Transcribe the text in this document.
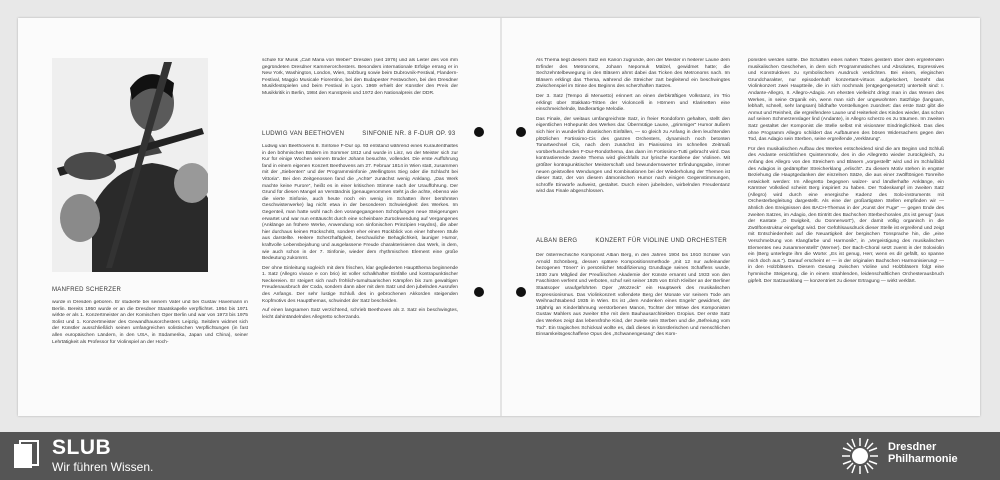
MANFRED SCHERZER

wurde in Dresden geboren. Er studierte bei seinem Vater und bei Gustav Havemann in Berlin. Bereits 1950 wurde er an die Dresdner Staatskapelle verpflichtet. 1954 bis 1971 wirkte er als 1. Konzertmeister an der Komischen Oper Berlin und war von 1973 bis 1975 Solist und 1. Konzertmeister des Gewandhausorchesters Leipzig. Seitdem widmet sich der Künstler ausschließlich seinen umfangreichen solistischen Verpflichtungen (in fast allen europäischen Ländern, in den USA, in Südamerika, Japan und China), seiner Lehrtätigkeit als Professor für Violinspiel an der Hoch-

schule für Musik „Carl Maria von Weber“ Dresden (seit 1976) und als Leiter des von ihm gegründeten Dresdner Kammerorchesters. Besonders internationale Erfolge errang er in New York, Washington, London, Wien, Salzburg sowie beim Dubrovnik-Festival, Flandern-Festival, Maggio Musicale Fiorentino, bei den Budapester Festwochen, bei den Dresdner Musikfestspielen und beim Festival in Lyon. 1969 erhielt der Künstler den Preis der Musikkritik in Berlin, 1984 den Kunstpreis und 1972 den Nationalpreis der DDR.

LUDWIG VAN BEETHOVEN	SINFONIE NR. 8 F-DUR OP. 93

Ludwig van Beethovens 8. Sinfonie F-Dur op. 93 entstand während eines Kuraufenthaltes in den böhmischen Bädern im Sommer 1812 und wurde in Linz, wo der Meister sich zur Kur für einige Wochen seinem Bruder Johann besuchte, vollendet. Die erste Aufführung fand in einem eigenen Konzert Beethovens am 27. Februar 1814 in Wien statt, zusammen mit der „Siebenten“ und der Programmsinfonie „Wellingtons Sieg oder die Schlacht bei Vittoria“. Bei den Zeitgenossen fand die „Achte“ zunächst wenig Anklang. „Das Werk machte keine Furore“, heißt es in einer kritischen Stimme nach der Uraufführung. Der Grund für diesen Mangel an Verständnis (genaugenommen steht ja die achte, ebenso wie die vierte Sinfonie, auch heute noch ein wenig im Schatten ihrer berühmten Geschwisterwerke) lag nicht etwa in der besonderen Schwierigkeit des Werkes. Im Gegenteil, man hatte wohl nach den vorangegangenen Schöpfungen neue Steigerungen erwartet und war nun enttäuscht durch eine scheinbare Zurückwendung auf Vergangenes (Anklänge an frühere Werke, Anwendung von sinfonischen Prinzipien Haydns), die aber hier durchaus keinen Rückschritt, sondern eher einen Rückblick von einer höheren Stufe aus darstellte. Heitere Scherzhaftigkeit, beschauliche Behaglichkeit, launiger Humor, kraftvolle Lebensbejahung und ausgelassene Freude charakterisieren das Werk, in dem, wie auch schon in der 7. Sinfonie, wieder dem rhythmischen Element eine große Bedeutung zukommt.

Der ohne Einleitung sogleich mit dem frischen, klar gegliederten Hauptthema beginnende 1. Satz (Allegro vivace e con brio) ist voller schalkhafter Einfälle und kontrapunktischer Neckereien. Er steigert sich nach fröhlich-tumultuarischen Kämpfen bis zum gewaltigen Freudenausbruch der Coda, sondern dann aber mit dem Satz und den jubelnden Ausrufen des Anfangs. Der sehr lustige Schluß des in gebrochenen Akkorden steigenden Kopfmotivs des Hauptthemas, schwindet der Satz bescheiden.

Auf einen langsamen Satz verzichtend, schrieb Beethoven als 2. Satz ein beschwingtes, leicht dahintändelndes Allegretto scherzando.

Als Thema liegt diesem Satz ein Kanon zugrunde, den der Meister in heiterer Laune dem Erfinder des Metronoms, Johann Nepomuk Mälzel, gewidmet hatte; die Sechzehntelbewegung in den Bläsern ahmt dabei das Ticken des Metronoms nach. Im Bläsern erklingt das Thema, während die Streicher zart begleitend ein beschwingtes Zwischenspiel im Sinne des Beginns des scherzhaften Satzes.

Der 3. Satz (Tempo di Menuetto) erinnert an einen derbkräftigen Volkstanz, im Trio erklingt über Stakkato-Tritten der Violoncelli in Hörnern und Klarinetten eine einschmeichelnde, ländlerartige Melodie.

Das Finale, der weitaus umfangreichste Satz, in freier Rondoform gehalten, stellt den eigentlichen Höhepunkt des Werkes dar. Übermütige Laune, „grimmiger“ Humor äußern sich hier in wunderlich drastischen Einfällen, — so gleich zu Anfang in dem leuchtenden plötzlichen Fortissimo-Cis des ganzen Orchesters, dynamisch noch betonten Tonartwechsel Cis, nach dem zunächst im Pianissimo im schnellen Zeitmaß vorüberhuschenden F-Dur-Rondothema, das dann im Fortissimo-Tutti gebracht wird. Das kontrastierende zweite Thema wird gleichfalls zur lyrische Kantilene der Violinen. Mit größter kontrapunktischer Meisterschaft und bewundernswerter Erfindungsgabe, immer neuen geistvollen Wendungen und Kombinationen bei der Wiederholung der Themen ist dieser Satz, der von diesem dämonischen Humor nach einigen Gegenstimmungen, schroffe Einwürfe aufweist, gestaltet. Durch einen jubelnden, wirbelnden Freudentanz wird das Finale abgeschlossen.

ALBAN BERG	KONZERT FÜR VIOLINE UND ORCHESTER

Der österreichische Komponist Alban Berg, in den Jahren 1904 bis 1910 Schüler von Arnold Schönberg, dessen spätere Kompositionsmethode „mit 12 nur aufeinander bezogenen Tönen“ in persönlicher Modifizierung Grundlage seines Schaffens wurde, 1930 zum Mitglied der Preußischen Akademie der Künste ernannt und 1933 von den Faschisten verfemt und verboten, schuf seit seiner 1925 von Erich Kleiber an der Berliner Staatsoper uraufgeführten Oper „Wozzeck“ ein Hauptwerk des musikalischen Expressionismus. Das Violinkonzert vollendete Berg der Monate vor seinem Tode am Weihnachtsabend 1935 in Wien. Es ist „dem Andenken eines Engels“ gewidmet, der 18jährig an Kinderlähmung verstorbenen Manon, Tochter der Witwe des Komponisten Gustav Mahlers aus zweiter Ehe mit dem Bauhausarchitekten Gropius. Der erste Satz des Werkes zeigt das lebensfrohe Kind, der zweite sein Sterben und die „Befreiung vom Tod“. Ein tragisches Schicksal wollte es, daß dieses in künstlerischen und menschlichen Einsamkeitsgeschaffene Opus des „Schwanengesang“ des Kom-

ponisten werden sollte. Die Schatten eines nahen Todes geistern über dem ergreifenden musikalischen Geschehen, in dem sich Programmatisches und Absolutes, Expressives und Konstruktives zu symbolischem Ausdruck verdichten. Bei einem, elegischen Grundcharakter, nur episodenhaft konzertant-virtuos aufgelockert, besteht das Violinkonzert zwei Hauptteile, die in sich nochmals (entgegengesetzt) unterteilt sind: I. Andante-Allegro, II. Allegro-Adagio. Am ehesten vielleicht dringt man in das Wesen des Werkes, in seine Organik ein, wenn man sich der ungewohnten Satzfolge (langsam, lebhaft, schnell, sehr langsam) bildhafte Vorstellungen zuordnet: das erste Satz gibt die Anmut und Reinheit, die ergreifendere Laune und Heiterkeit des Kindes wieder, das schon auf seinen Schmerzenslager lind (Andante), in Allegro scherzo es zu träumen. Im zweiten Satz gestaltet der Komponist die Stelle selbst mit visionärer Eindringlichkeit. Das dies ohne Programm Allegro schildert das Aufbäumen des bösen Widersachers gegen den Tod, das Adagio sein Sterben, seine ergreifende „Verklärung“.

Für den musikalischen Aufbau des Werkes entscheidend sind die am Beginn und Schluß des Andante ersichtlichen Quintenmotiv, des in die Allegretto wieder zurückgleich, zu Anfang des Allegro von den Streichern und Bläsern „vorgestellt“ wird und im Schlußbild des Adagios in gedämpfter Streicherklang „erlischt“. Zu diesem Motiv stehen in engster Beziehung die Hauptgedanken der einzelnen Sätze, die aus einer zwölftönigen Tonreihe entwickelt werden: Im Allegretto begegnen walzer- und ländlerhafte Anklänge, ein Kärntner Volkslied scheint Berg inspiriert zu haben. Der Todeskampf im zweiten Satz (Allegro) wird durch eine energische Kadenz des Solo-instruments mit Orchesterbegleitung dargestellt. Als eine der großartigsten Stellen empfinden wir — ähnlich den Ereignissen des BACH-Themas in der „Kunst der Fuge“ — gegen Ende des zweiten Satzes, im Adagio, den Eintritt des Bachschen Sterbechorales „Es ist genug“ (aus der Kantate „O Ewigkeit, du Donnerwort“), der damit völlig organisch in die Zwölftonstruktur eingefügt wird. Der Gefühlsausdruck dieser Stelle ist ergreifend und zeigt mit Entschiedenheit auf die Neuartigkeit der bergischen Tonsprache hin, die „eine Verschmelzung von Klangfarbe und Harmonik“, in „Vergeistigung des musikalischen Elementes neu zusammenstellt“ (Werner). Der Bach-Choral setzt zuerst in der Soloviolin ein (Berg unterlegte ihm die Worte: „Es ist genug, Herr, wenn es dir gefällt, so spanne mich doch aus.“). Darauf erscheint er — in der originalen Bachschen Harmonisierung! — in den Holzbläsern. Diesem Gesang zwischen Violine und Holzbläsern folgt eine hymnische Steigerung, die in einem strahlenden, leidenschaftlichen Orchesterausbruch gipfelt. Der Satzausklang — konzentriert zu dieser Ertragung — wirkt verklärt.

SLUB
Wir führen Wissen.
Dresdner
Philharmonie
